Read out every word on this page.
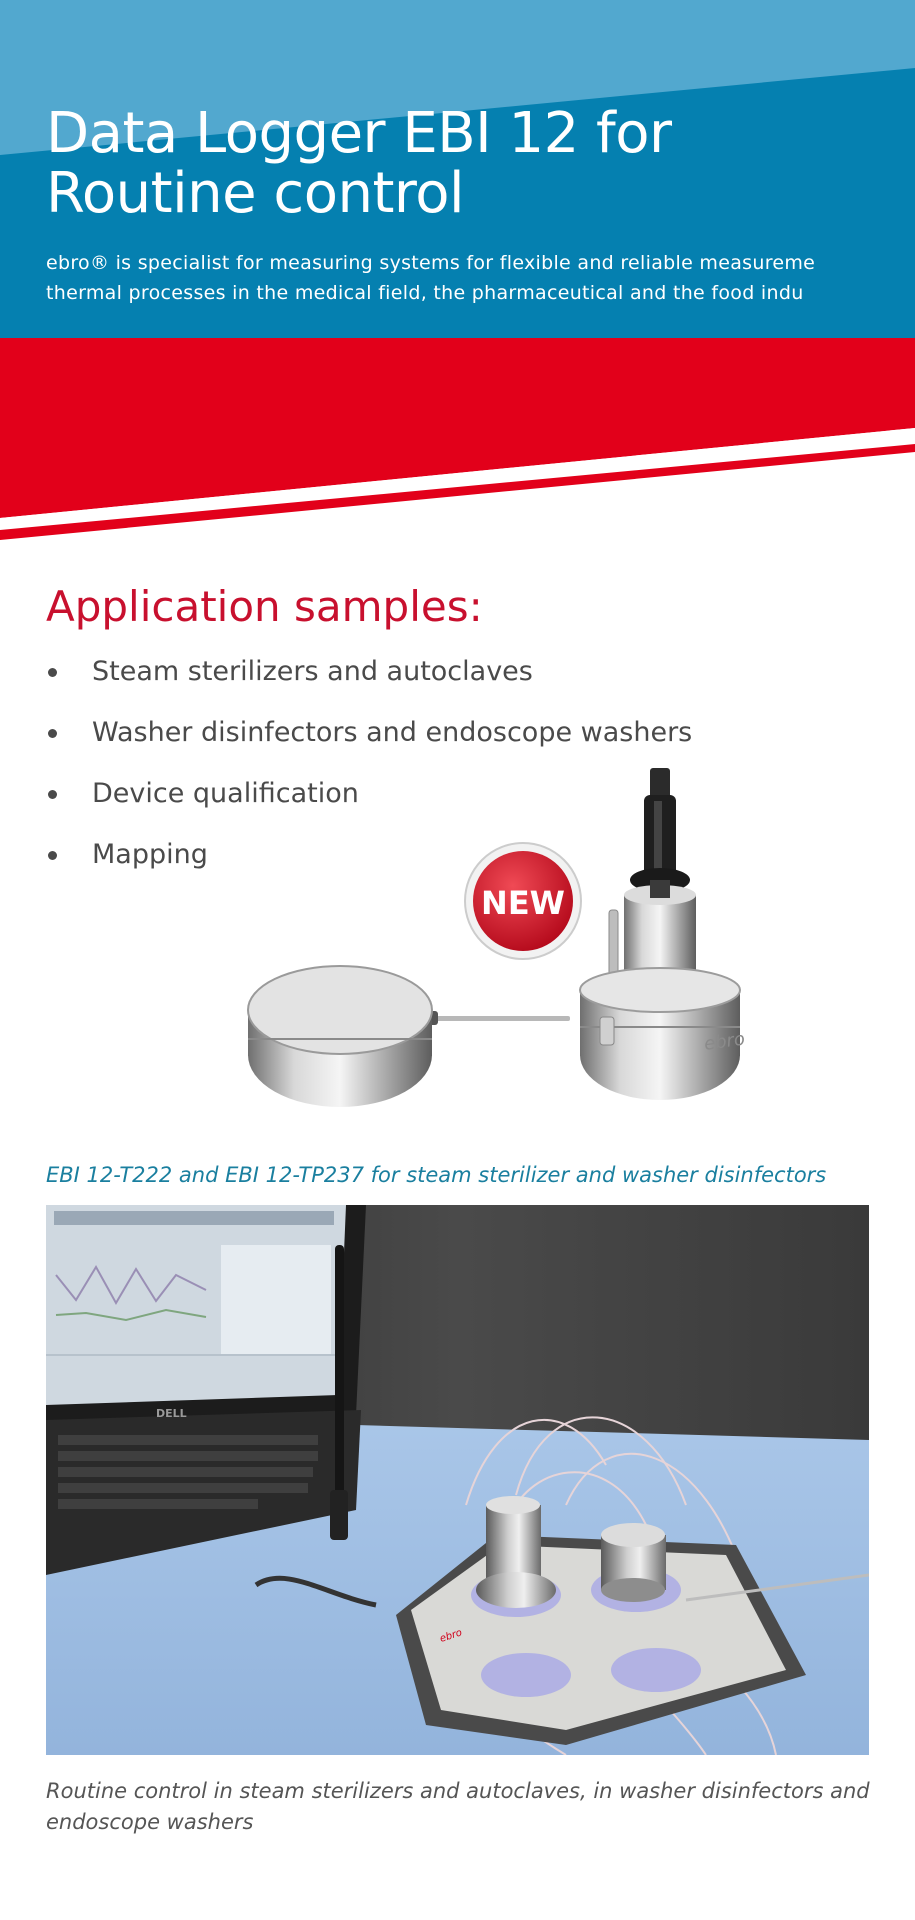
Data Logger EBI 12 for
Routine control

ebro® is specialist for measuring systems for flexible and reliable measureme
thermal processes in the medical field, the pharmaceutical and the food indu

Application samples:
Steam sterilizers and autoclaves
Washer disinfectors and endoscope washers
Device qualification
Mapping
NEW
ebro

EBI 12-T222 and EBI 12-TP237 for steam sterilizer and washer disinfectors

DELL
ebro

Routine control in steam sterilizers and autoclaves, in washer disinfectors and
endoscope washers
